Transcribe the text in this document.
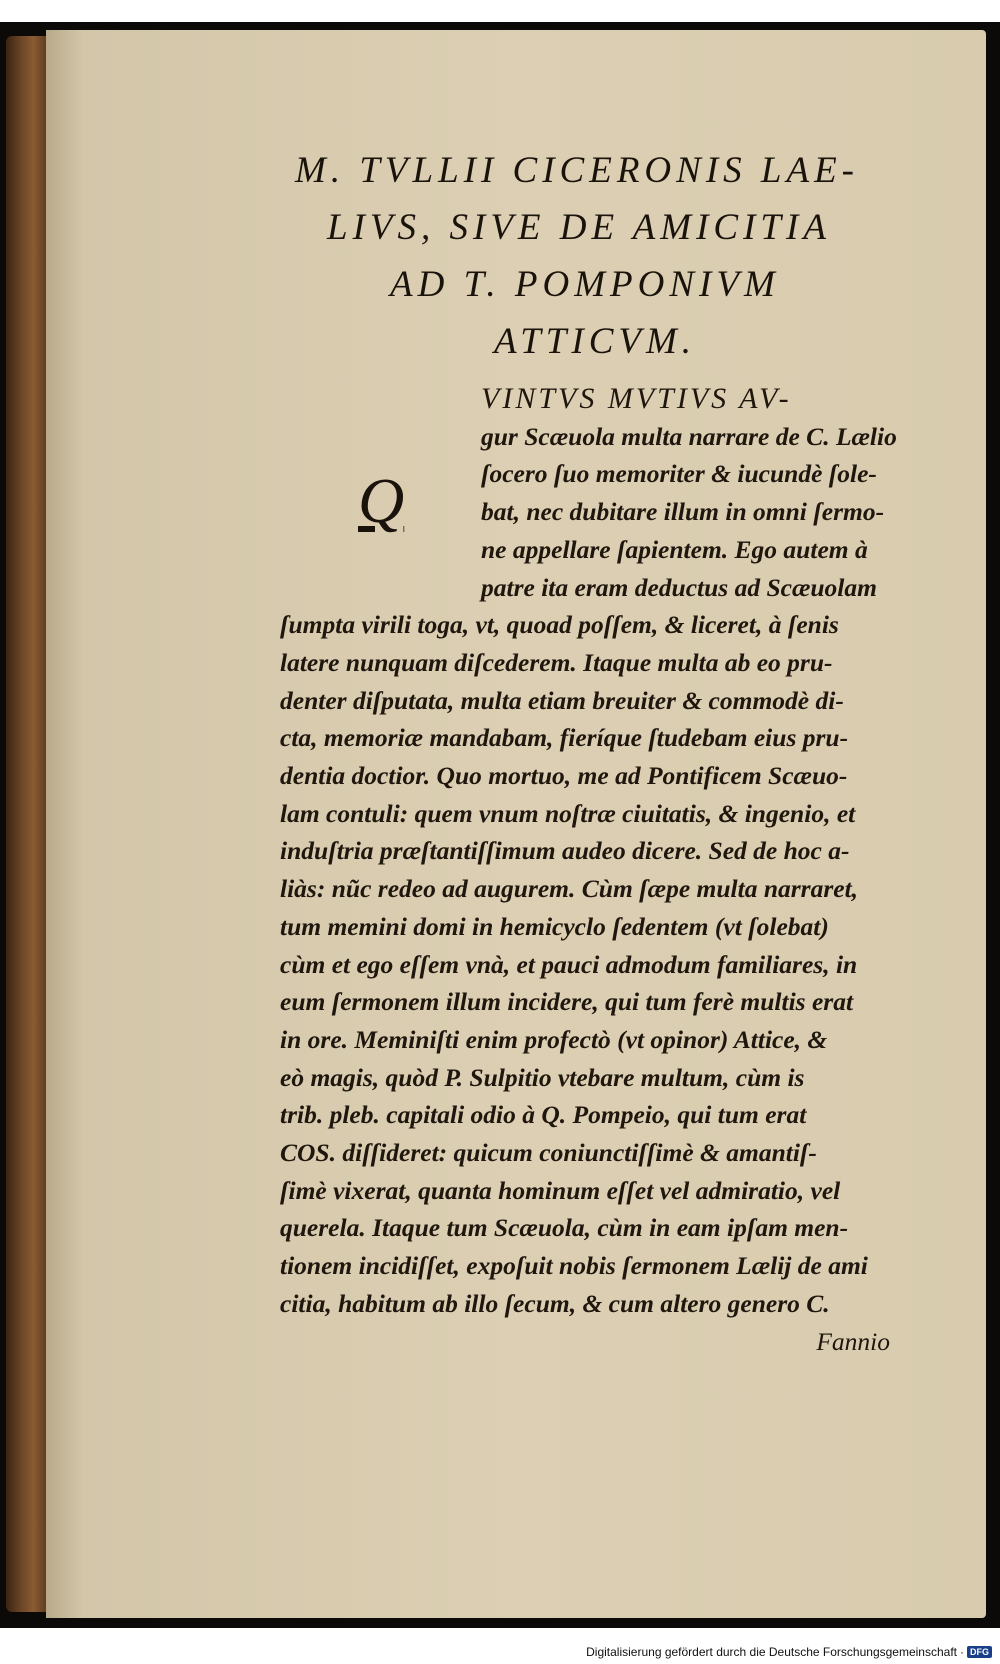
M. TVLLII CICERONIS LAE-
LIVS, SIVE DE AMICITIA
AD T. POMPONIVM
ATTICVM.
Q
VINTVS MVTIVS AV-
gur Scæuola multa narrare de C. Lælio
ſocero ſuo memoriter & iucundè ſole-
bat, nec dubitare illum in omni ſermo-
ne appellare ſapientem. Ego autem à
patre ita eram deductus ad Scæuolam
ſumpta virili toga, vt, quoad poſſem, & liceret, à ſenis
latere nunquam diſcederem. Itaque multa ab eo pru-
denter diſputata, multa etiam breuiter & commodè di-
cta, memoriæ mandabam, fieríque ſtudebam eius pru-
dentia doctior. Quo mortuo, me ad Pontificem Scæuo-
lam contuli: quem vnum noſtræ ciuitatis, & ingenio, et
induſtria præſtantiſſimum audeo dicere. Sed de hoc a-
liàs: nũc redeo ad augurem. Cùm ſæpe multa narraret,
tum memini domi in hemicyclo ſedentem (vt ſolebat)
cùm et ego eſſem vnà, et pauci admodum familiares, in
eum ſermonem illum incidere, qui tum ferè multis erat
in ore. Meminiſti enim profectò (vt opinor) Attice, &
eò magis, quòd P. Sulpitio vtebare multum, cùm is
trib. pleb. capitali odio à Q. Pompeio, qui tum erat
COS. diſſideret: quicum coniunctiſſimè & amantiſ-
ſimè vixerat, quanta hominum eſſet vel admiratio, vel
querela. Itaque tum Scæuola, cùm in eam ipſam men-
tionem incidiſſet, expoſuit nobis ſermonem Lælij de ami
citia, habitum ab illo ſecum, & cum altero genero C.
Fannio
Digitalisierung gefördert durch die Deutsche Forschungsgemeinschaft · DFG
